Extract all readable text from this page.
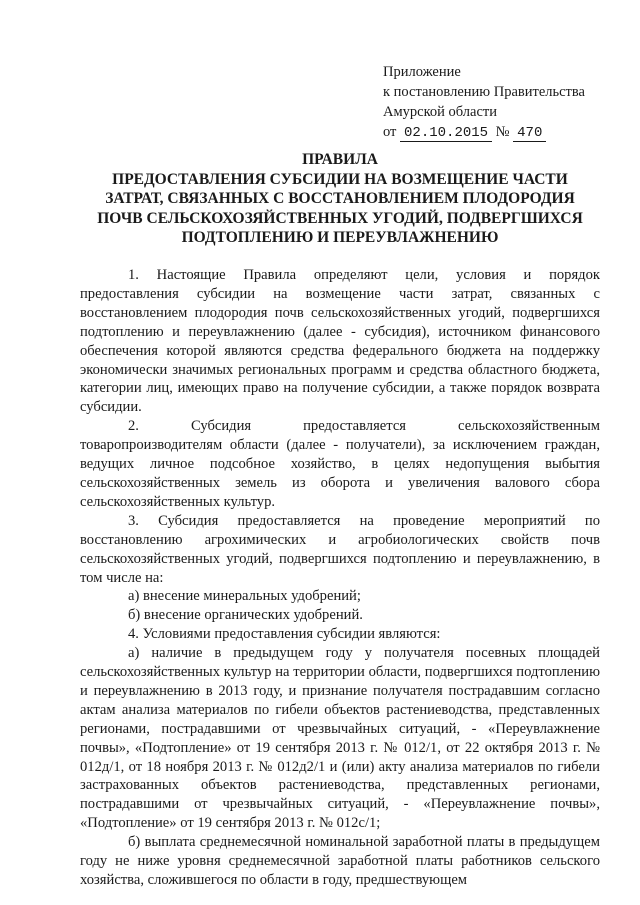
Приложение
к постановлению Правительства
Амурской области
от 02.10.2015 № 470
ПРАВИЛА
ПРЕДОСТАВЛЕНИЯ СУБСИДИИ НА ВОЗМЕЩЕНИЕ ЧАСТИ
ЗАТРАТ, СВЯЗАННЫХ С ВОССТАНОВЛЕНИЕМ ПЛОДОРОДИЯ
ПОЧВ СЕЛЬСКОХОЗЯЙСТВЕННЫХ УГОДИЙ, ПОДВЕРГШИХСЯ
ПОДТОПЛЕНИЮ И ПЕРЕУВЛАЖНЕНИЮ

1. Настоящие Правила определяют цели, условия и порядок предоставления субсидии на возмещение части затрат, связанных с восстановлением плодородия почв сельскохозяйственных угодий, подвергшихся подтоплению и переувлажнению (далее - субсидия), источником финансового обеспечения которой являются средства федерального бюджета на поддержку экономически значимых региональных программ и средства областного бюджета, категории лиц, имеющих право на получение субсидии, а также порядок возврата субсидии.

2. Субсидия предоставляется сельскохозяйственным товаропроизводителям области (далее - получатели), за исключением граждан, ведущих личное подсобное хозяйство, в целях недопущения выбытия сельскохозяйственных земель из оборота и увеличения валового сбора сельскохозяйственных культур.

3. Субсидия предоставляется на проведение мероприятий по восстановлению агрохимических и агробиологических свойств почв сельскохозяйственных угодий, подвергшихся подтоплению и переувлажнению, в том числе на:

а) внесение минеральных удобрений;

б) внесение органических удобрений.

4. Условиями предоставления субсидии являются:

а) наличие в предыдущем году у получателя посевных площадей сельскохозяйственных культур на территории области, подвергшихся подтоплению и переувлажнению в 2013 году, и признание получателя пострадавшим согласно актам анализа материалов по гибели объектов растениеводства, представленных регионами, пострадавшими от чрезвычайных ситуаций, - «Переувлажнение почвы», «Подтопление» от 19 сентября 2013 г. № 012/1, от 22 октября 2013 г. № 012д/1, от 18 ноября 2013 г. № 012д2/1 и (или) акту анализа материалов по гибели застрахованных объектов растениеводства, представленных регионами, пострадавшими от чрезвычайных ситуаций, - «Переувлажнение почвы», «Подтопление» от 19 сентября 2013 г. № 012с/1;

б) выплата среднемесячной номинальной заработной платы в предыдущем году не ниже уровня среднемесячной заработной платы работников сельского хозяйства, сложившегося по области в году, предшествующем
